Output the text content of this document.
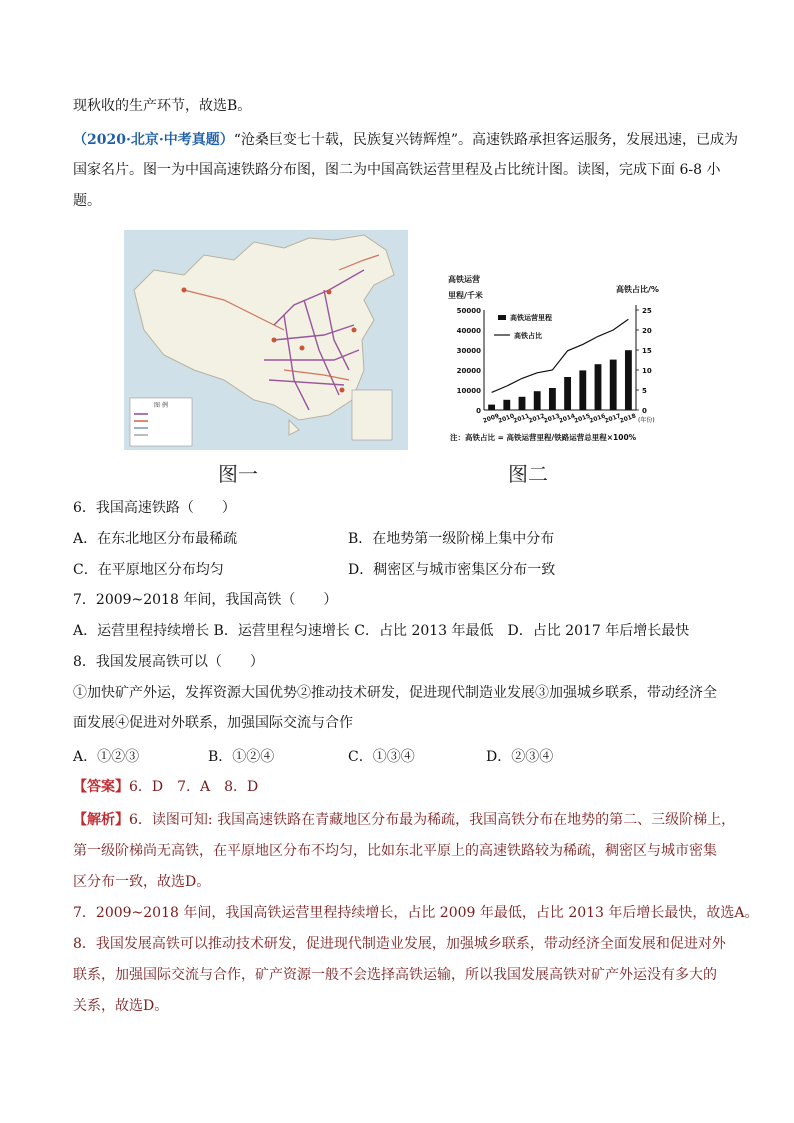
现秋收的生产环节，故选B。
（2020·北京·中考真题）“沧桑巨变七十载，民族复兴铸辉煌”。高速铁路承担客运服务，发展迅速，已成为
国家名片。图一为中国高速铁路分布图，图二为中国高铁运营里程及占比统计图。读图，完成下面 6-8 小
题。
图 例
高铁运营
里程/千米
高铁占比/%
0
10000
20000
30000
40000
50000
0
5
10
15
20
25
2009
2010
2011
2012
2013
2014
2015
2016
2017
2018 (年份)
高铁运营里程
高铁占比
注：高铁占比 = 高铁运营里程/铁路运营总里程×100%
图一	图二
6．我国高速铁路（　　）
A．在东北地区分布最稀疏	B．在地势第一级阶梯上集中分布
C．在平原地区分布均匀	D．稠密区与城市密集区分布一致
7．2009~2018 年间，我国高铁（　　）
A．运营里程持续增长 B．运营里程匀速增长 C．占比 2013 年最低　D．占比 2017 年后增长最快
8．我国发展高铁可以（　　）
①加快矿产外运，发挥资源大国优势②推动技术研发，促进现代制造业发展③加强城乡联系，带动经济全
面发展④促进对外联系，加强国际交流与合作
A．①②③	B．①②④	C．①③④	D．②③④
【答案】6．D　7．A　8．D
【解析】6．读图可知: 我国高速铁路在青藏地区分布最为稀疏，我国高铁分布在地势的第二、三级阶梯上，
第一级阶梯尚无高铁，在平原地区分布不均匀，比如东北平原上的高速铁路较为稀疏，稠密区与城市密集
区分布一致，故选D。
7．2009~2018 年间，我国高铁运营里程持续增长，占比 2009 年最低，占比 2013 年后增长最快，故选A。
8．我国发展高铁可以推动技术研发，促进现代制造业发展，加强城乡联系，带动经济全面发展和促进对外
联系，加强国际交流与合作，矿产资源一般不会选择高铁运输，所以我国发展高铁对矿产外运没有多大的
关系，故选D。
